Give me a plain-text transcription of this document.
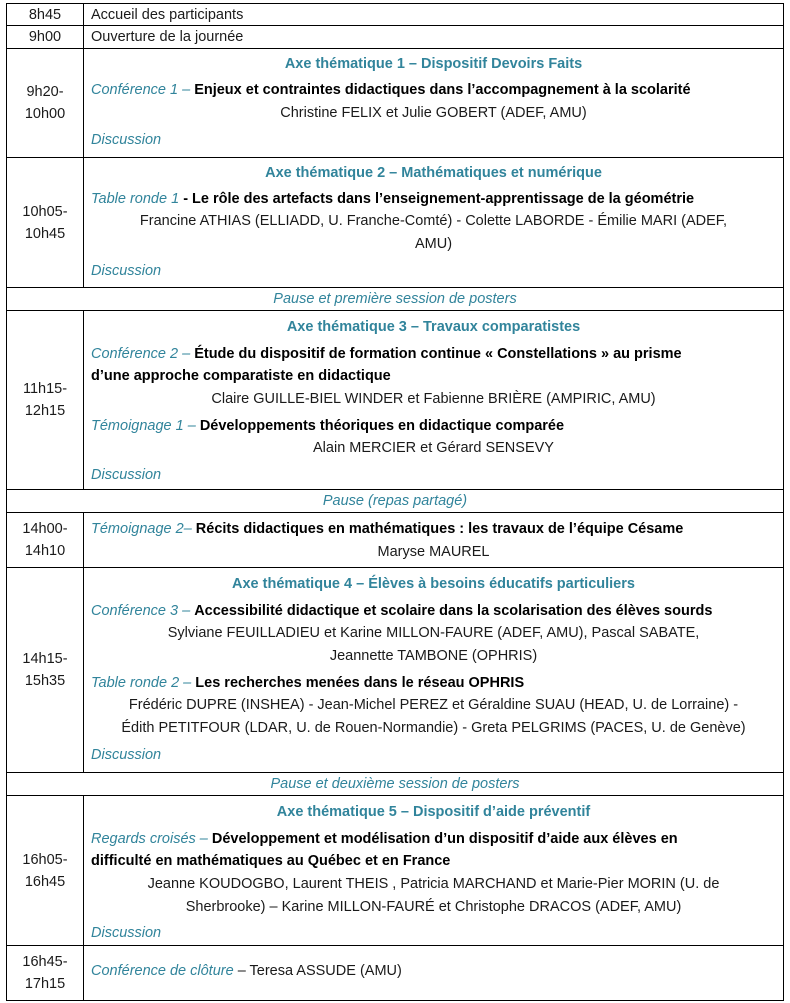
8h45 Accueil des participants
9h00 Ouverture de la journée
9h20-
10h00
Axe thématique 1 – Dispositif Devoirs Faits
Conférence 1 – Enjeux et contraintes didactiques dans l’accompagnement à la scolarité
Christine FELIX et Julie GOBERT (ADEF, AMU)
Discussion
10h05-
10h45
Axe thématique 2 – Mathématiques et numérique
Table ronde 1 - Le rôle des artefacts dans l’enseignement-apprentissage de la géométrie
Francine ATHIAS (ELLIADD, U. Franche-Comté) - Colette LABORDE - Émilie MARI (ADEF,
AMU)
Discussion
Pause et première session de posters
11h15-
12h15
Axe thématique 3 – Travaux comparatistes
Conférence 2 – Étude du dispositif de formation continue « Constellations » au prisme
d’une approche comparatiste en didactique
Claire GUILLE-BIEL WINDER et Fabienne BRIÈRE (AMPIRIC, AMU)
Témoignage 1 – Développements théoriques en didactique comparée
Alain MERCIER et Gérard SENSEVY
Discussion
Pause (repas partagé)
14h00-
14h10
Témoignage 2– Récits didactiques en mathématiques : les travaux de l’équipe Césame
Maryse MAUREL
14h15-
15h35
Axe thématique 4 – Élèves à besoins éducatifs particuliers
Conférence 3 – Accessibilité didactique et scolaire dans la scolarisation des élèves sourds
Sylviane FEUILLADIEU et Karine MILLON-FAURE (ADEF, AMU), Pascal SABATE,
Jeannette TAMBONE (OPHRIS)
Table ronde 2 – Les recherches menées dans le réseau OPHRIS
Frédéric DUPRE (INSHEA) - Jean-Michel PEREZ et Géraldine SUAU (HEAD, U. de Lorraine) -
Édith PETITFOUR (LDAR, U. de Rouen-Normandie) - Greta PELGRIMS (PACES, U. de Genève)
Discussion
Pause et deuxième session de posters
16h05-
16h45
Axe thématique 5 – Dispositif d’aide préventif
Regards croisés – Développement et modélisation d’un dispositif d’aide aux élèves en
difficulté en mathématiques au Québec et en France
Jeanne KOUDOGBO, Laurent THEIS , Patricia MARCHAND et Marie-Pier MORIN (U. de
Sherbrooke) – Karine MILLON-FAURÉ et Christophe DRACOS (ADEF, AMU)
Discussion
16h45-
17h15
Conférence de clôture – Teresa ASSUDE (AMU)
